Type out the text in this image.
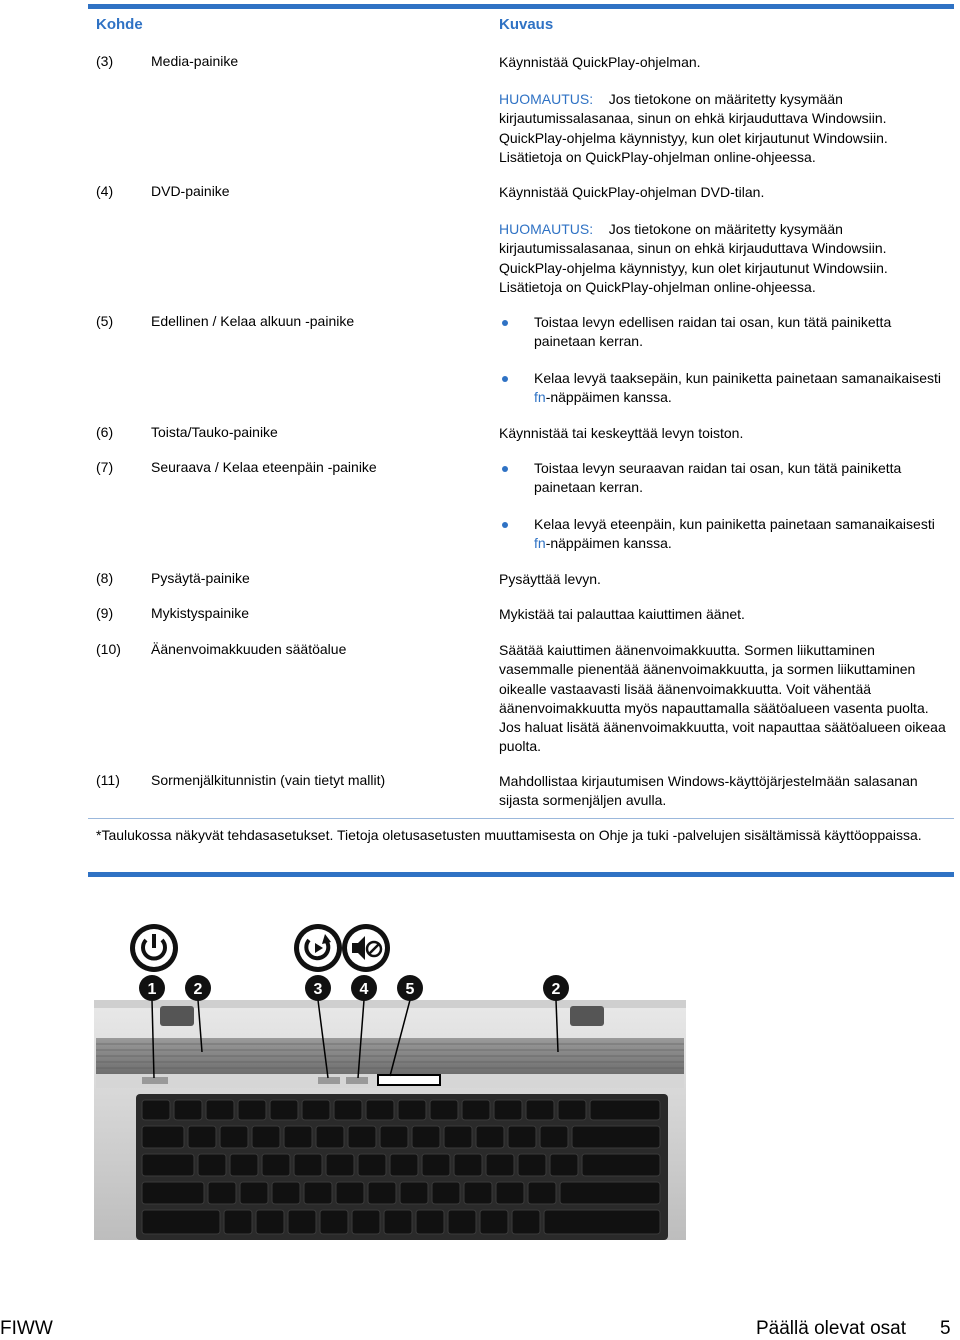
Kohde	Kuvaus
(3)	Media-painike	Käynnistää QuickPlay-ohjelman.
HUOMAUTUS: Jos tietokone on määritetty kysymään kirjautumissalasanaa, sinun on ehkä kirjauduttava Windowsiin. QuickPlay-ohjelma käynnistyy, kun olet kirjautunut Windowsiin. Lisätietoja on QuickPlay-ohjelman online-ohjeessa.
(4)	DVD-painike	Käynnistää QuickPlay-ohjelman DVD-tilan.
HUOMAUTUS: Jos tietokone on määritetty kysymään kirjautumissalasanaa, sinun on ehkä kirjauduttava Windowsiin. QuickPlay-ohjelma käynnistyy, kun olet kirjautunut Windowsiin. Lisätietoja on QuickPlay-ohjelman online-ohjeessa.
(5)	Edellinen / Kelaa alkuun -painike	Toistaa levyn edellisen raidan tai osan, kun tätä painiketta painetaan kerran.
Kelaa levyä taaksepäin, kun painiketta painetaan samanaikaisesti fn-näppäimen kanssa.
(6)	Toista/Tauko-painike	Käynnistää tai keskeyttää levyn toiston.
(7)	Seuraava / Kelaa eteenpäin -painike	Toistaa levyn seuraavan raidan tai osan, kun tätä painiketta painetaan kerran.
Kelaa levyä eteenpäin, kun painiketta painetaan samanaikaisesti fn-näppäimen kanssa.
(8)	Pysäytä-painike	Pysäyttää levyn.
(9)	Mykistyspainike	Mykistää tai palauttaa kaiuttimen äänet.
(10) Äänenvoimakkuuden säätöalue	Säätää kaiuttimen äänenvoimakkuutta. Sormen liikuttaminen vasemmalle pienentää äänenvoimakkuutta, ja sormen liikuttaminen oikealle vastaavasti lisää äänenvoimakkuutta. Voit vähentää äänenvoimakkuutta myös napauttamalla säätöalueen vasenta puolta. Jos haluat lisätä äänenvoimakkuutta, voit napauttaa säätöalueen oikeaa puolta.
(11) Sormenjälkitunnistin (vain tietyt mallit)	Mahdollistaa kirjautumisen Windows-käyttöjärjestelmään salasanan sijasta sormenjäljen avulla.
*Taulukossa näkyvät tehdasasetukset. Tietoja oletusasetusten muuttamisesta on Ohje ja tuki -palvelujen sisältämissä käyttöoppaissa.
1 2	3 4 5	2
FIWW	Päällä olevat osat 5
